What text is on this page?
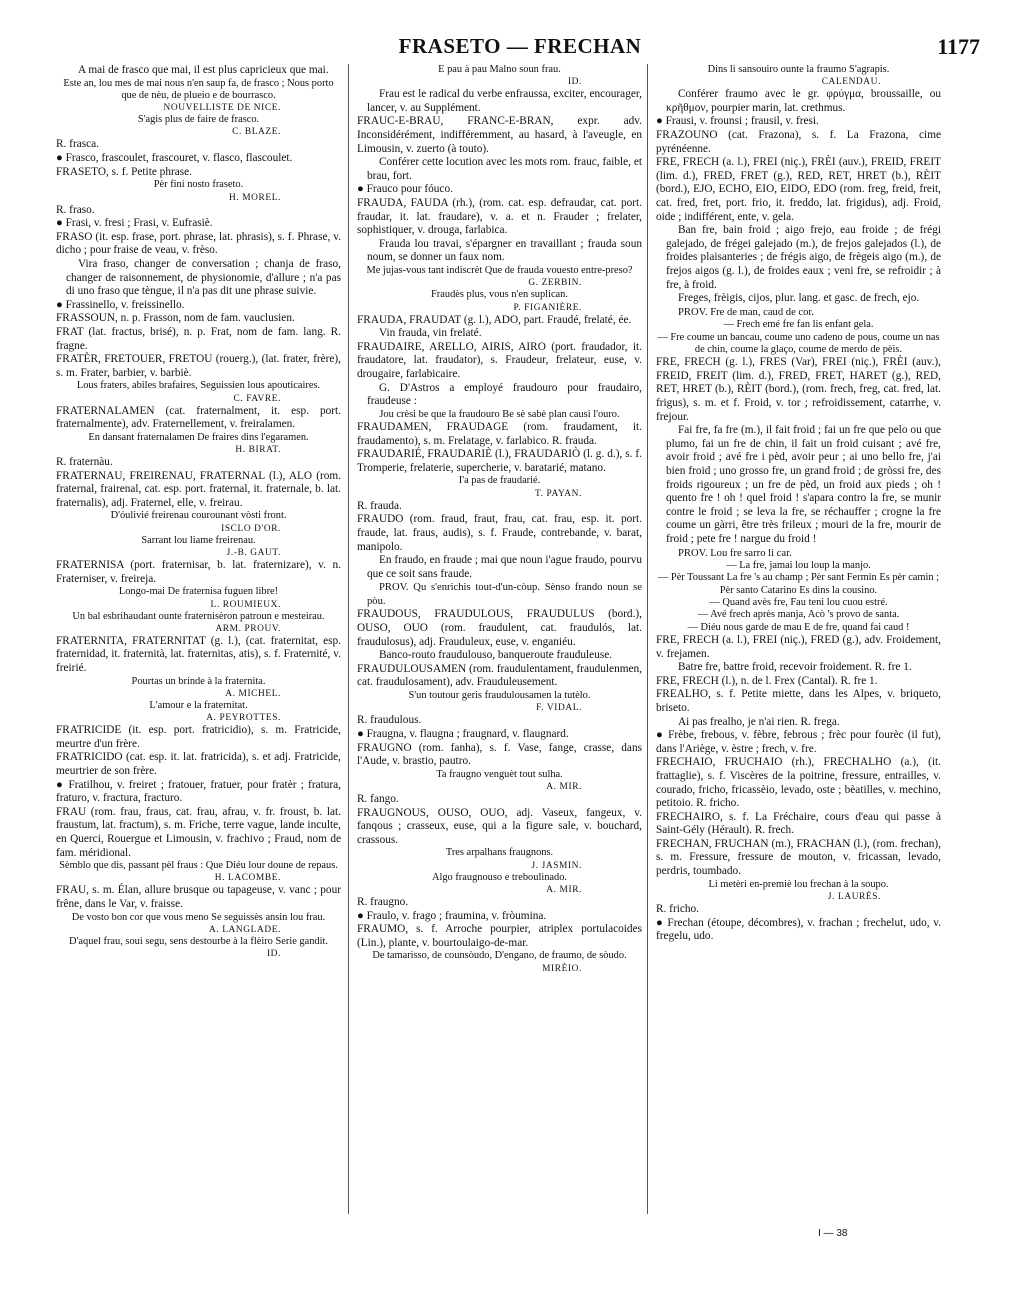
FRASETO — FRECHAN	1177

A mai de frasco que mai, il est plus capricieux que mai.

Este an, lou mes de mai nous n'en saup fa, de frasco ; Nous porto que de nèu, de plueio e de bourrasco.

NOUVELLISTE DE NICE.

S'agis plus de faire de frasco.

C. BLAZE.

R. frasca.

● Frasco, frascoulet, frascouret, v. flasco, flascoulet.

FRASETO, s. f. Petite phrase.

Pèr fini nosto fraseto.

H. MOREL.

R. fraso.

● Frasi, v. fresi ; Frasi, v. Eufrasiè.

FRASO (it. esp. frase, port. phrase, lat. phrasis), s. f. Phrase, v. dicho ; pour fraise de veau, v. frèso.

Vira fraso, changer de conversation ; chanja de fraso, changer de raisonnement, de physionomie, d'allure ; n'a pas di uno fraso que tèngue, il n'a pas dit une phrase suivie.

● Frassinello, v. freissinello.

FRASSOUN, n. p. Frasson, nom de fam. vauclusien.

FRAT (lat. fractus, brisé), n. p. Frat, nom de fam. lang. R. fragne.

FRATÈR, FRETOUER, FRETOU (rouerg.), (lat. frater, frère), s. m. Frater, barbier, v. barbiè.

Lous fraters, abiles brafaires, Seguissien lous apouticaires.

C. FAVRE.

FRATERNALAMEN (cat. fraternalment, it. esp. port. fraternalmente), adv. Fraternellement, v. freiralamen.

En dansant fraternalamen De fraires dins l'egaramen.

H. BIRAT.

R. fraternàu.

FRATERNAU, FREIRENAU, FRATERNAL (l.), ALO (rom. fraternal, frairenal, cat. esp. port. fraternal, it. fraternale, b. lat. fraternalis), adj. Fraternel, elle, v. freirau.

D'óulivié freirenau courounant vòsti front.

ISCLO D'OR.

Sarrant lou liame freirenau.

J.-B. GAUT.

FRATERNISA (port. fraternisar, b. lat. fraternizare), v. n. Fraterniser, v. freireja.

Longo-mai De fraternisa fuguen libre!

L. ROUMIEUX.

Un bal esbrihaudant ounte fraternisèron patroun e mesteirau.

ARM. PROUV.

FRATERNITA, FRATERNITAT (g. l.), (cat. fraternitat, esp. fraternidad, it. fraternità, lat. fraternitas, atis), s. f. Fraternité, v. freirié.

Pourtas un brinde à la fraternita.

A. MICHEL.

L'amour e la fraternitat.

A. PEYROTTES.

FRATRICIDE (it. esp. port. fratricidio), s. m. Fratricide, meurtre d'un frère.

FRATRICIDO (cat. esp. it. lat. fratricida), s. et adj. Fratricide, meurtrier de son frère.

● Fratilhou, v. freiret ; fratouer, fratuer, pour fratèr ; fratura, fraturo, v. fractura, fracturo.

FRAU (rom. frau, fraus, cat. frau, afrau, v. fr. froust, b. lat. fraustum, lat. fractum), s. m. Friche, terre vague, lande inculte, en Querci, Rouergue et Limousin, v. frachivo ; Fraud, nom de fam. méridional.

Sèmblo que dis, passant pèl fraus : Que Diéu lour doune de repaus.

H. LACOMBE.

FRAU, s. m. Élan, allure brusque ou tapageuse, v. vanc ; pour frêne, dans le Var, v. fraisse.

De vosto bon cor que vous meno Se seguissès ansin lou frau.

A. LANGLADE.

D'aquel frau, soui segu, sens destourbe à la flèiro Serie gandit.

ID.

E pau à pau Malno soun frau.

ID.

Frau est le radical du verbe enfraussa, exciter, encourager, lancer, v. au Supplément.

FRAUC-E-BRAU, FRANC-E-BRAN, expr. adv. Inconsidérément, indifféremment, au hasard, à l'aveugle, en Limousin, v. zuerto (à touto).

Conférer cette locution avec les mots rom. frauc, faible, et brau, fort.

● Frauco pour fóuco.

FRAUDA, FAUDA (rh.), (rom. cat. esp. defraudar, cat. port. fraudar, it. lat. fraudare), v. a. et n. Frauder ; frelater, sophistiquer, v. drouga, farlabica.

Frauda lou travai, s'épargner en travaillant ; frauda soun noum, se donner un faux nom.

Me jujas-vous tant indiscrèt Que de frauda vouesto entre-preso?

G. ZERBIN.

Fraudès plus, vous n'en suplican.

P. FIGANIÈRE.

FRAUDA, FRAUDAT (g. l.), ADO, part. Fraudé, frelaté, ée.

Vin frauda, vin frelaté.

FRAUDAIRE, ARELLO, AIRIS, AIRO (port. fraudador, it. fraudatore, lat. fraudator), s. Fraudeur, frelateur, euse, v. drougaire, farlabicaire.

G. D'Astros a employé fraudouro pour fraudairo, fraudeuse :

Jou crèsi be que la fraudouro Be sè sabè plan causi l'ouro.

FRAUDAMEN, FRAUDAGE (rom. fraudament, it. fraudamento), s. m. Frelatage, v. farlabico. R. frauda.

FRAUDARIÉ, FRAUDARIÈ (l.), FRAUDARIÒ (l. g. d.), s. f. Tromperie, frelaterie, supercherie, v. baratarié, matano.

I'a pas de fraudarié.

T. PAYAN.

R. frauda.

FRAUDO (rom. fraud, fraut, frau, cat. frau, esp. it. port. fraude, lat. fraus, audis), s. f. Fraude, contrebande, v. barat, manipolo.

En fraudo, en fraude ; mai que noun i'ague fraudo, pourvu que ce soit sans fraude.

PROV. Qu s'enrichis tout-d'un-còup. Sènso frando noun se pòu.

FRAUDOUS, FRAUDULOUS, FRAUDULUS (bord.), OUSO, OUO (rom. fraudulent, cat. fraudulós, lat. fraudulosus), adj. Frauduleux, euse, v. enganiéu.

Banco-routo fraudulouso, banqueroute frauduleuse.

FRAUDULOUSAMEN (rom. fraudulentament, fraudulenmen, cat. fraudulosament), adv. Frauduleusement.

S'un toutour geris fraudulousamen la tutèlo.

F. VIDAL.

R. fraudulous.

● Fraugna, v. flaugna ; fraugnard, v. flaugnard.

FRAUGNO (rom. fanha), s. f. Vase, fange, crasse, dans l'Aude, v. brastio, pautro.

Ta fraugno venguèt tout sulha.

A. MIR.

R. fango.

FRAUGNOUS, OUSO, OUO, adj. Vaseux, fangeux, v. fanqous ; crasseux, euse, qui a la figure sale, v. bouchard, crassous.

Tres arpalhans fraugnons.

J. JASMIN.

Algo fraugnouso e treboulinado.

A. MIR.

R. fraugno.

● Fraulo, v. frago ; fraumina, v. fròumina.

FRAUMO, s. f. Arroche pourpier, atriplex portulacoides (Lin.), plante, v. bourtoulaigo-de-mar.

De tamarisso, de counsòudo, D'engano, de fraumo, de sòudo.

MIRÈIO.

Dins li sansouiro ounte la fraumo S'agrapis.

CALENDAU.

Conférer fraumo avec le gr. φρύγμα, broussaille, ou κρῆθμον, pourpier marin, lat. crethmus.

● Frausi, v. frounsi ; frausil, v. fresi.

FRAZOUNO (cat. Frazona), s. f. La Frazona, cime pyrénéenne.

FRE, FRECH (a. l.), FREI (niç.), FRÈI (auv.), FREID, FREIT (lim. d.), FRED, FRET (g.), RED, RET, HRET (b.), RÈIT (bord.), EJO, ECHO, EIO, EIDO, EDO (rom. freg, freid, freit, cat. fred, fret, port. frio, it. freddo, lat. frigidus), adj. Froid, oide ; indifférent, ente, v. gela.

Ban fre, bain froid ; aigo frejo, eau froide ; de frégi galejado, de frégei galejado (m.), de frejos galejados (l.), de froides plaisanteries ; de frégis aigo, de frègeis aigo (m.), de frejos aigos (g. l.), de froides eaux ; veni fre, se refroidir ; à fre, à froid.

Freges, frèigis, cijos, plur. lang. et gasc. de frech, ejo.

PROV. Fre de man, caud de cor.

— Frech emé fre fan lis enfant gela.

— Fre coume un bancau, coume uno cadeno de pous, coume un nas de chin, coume la glaço, coume de merdo de pèis.

FRE, FRECH (g. l.), FRES (Var), FREI (niç.), FRÈI (auv.), FREID, FREIT (lim. d.), FRED, FRET, HARET (g.), RED, RET, HRET (b.), RÈIT (bord.), (rom. frech, freg, cat. fred, lat. frigus), s. m. et f. Froid, v. tor ; refroidissement, catarrhe, v. frejour.

Fai fre, fa fre (m.), il fait froid ; fai un fre que pelo ou que plumo, fai un fre de chin, il fait un froid cuisant ; avé fre, avoir froid ; avé fre i pèd, avoir peur ; ai uno bello fre, j'ai bien froid ; uno grosso fre, un grand froid ; de gròssi fre, des froids rigoureux ; un fre de pèd, un froid aux pieds ; oh ! quento fre ! oh ! quel froid ! s'apara contro la fre, se munir contre le froid ; se leva la fre, se réchauffer ; crogne la fre coume un gàrri, être très frileux ; mouri de la fre, mourir de froid ; pete fre ! nargue du froid !

PROV. Lou fre sarro li car.

— La fre, jamai lou loup la manjo.

— Pèr Toussant La fre 's au champ ; Pèr sant Fermin Es pèr camin ; Pèr santo Catarino Es dins la cousino.

— Quand avès fre, Fau teni lou cuou estré.

— Avé frech après manja, Acò 's provo de santa.

— Diéu nous garde de mau E de fre, quand fai caud !

FRE, FRECH (a. l.), FREI (niç.), FRED (g.), adv. Froidement, v. frejamen.

Batre fre, battre froid, recevoir froidement. R. fre 1.

FRE, FRECH (l.), n. de l. Frex (Cantal). R. fre 1.

FREALHO, s. f. Petite miette, dans les Alpes, v. briqueto, briseto.

Ai pas frealho, je n'ai rien. R. frega.

● Frèbe, frebous, v. fèbre, febrous ; frèc pour fourèc (il fut), dans l'Ariège, v. èstre ; frech, v. fre.

FRECHAIO, FRUCHAIO (rh.), FRECHALHO (a.), (it. frattaglie), s. f. Viscères de la poitrine, fressure, entrailles, v. courado, fricho, fricassèio, levado, oste ; bèatilles, v. mechino, petitoio. R. fricho.

FRECHAIRO, s. f. La Fréchaire, cours d'eau qui passe à Saint-Gély (Hérault). R. frech.

FRECHAN, FRUCHAN (m.), FRACHAN (l.), (rom. frechan), s. m. Fressure, fressure de mouton, v. fricassan, levado, perdris, toumbado.

Li metèri en-premiè lou frechan à la soupo.

J. LAURÈS.

R. fricho.

● Frechan (étoupe, décombres), v. frachan ; frechelut, udo, v. fregelu, udo.

I — 38
